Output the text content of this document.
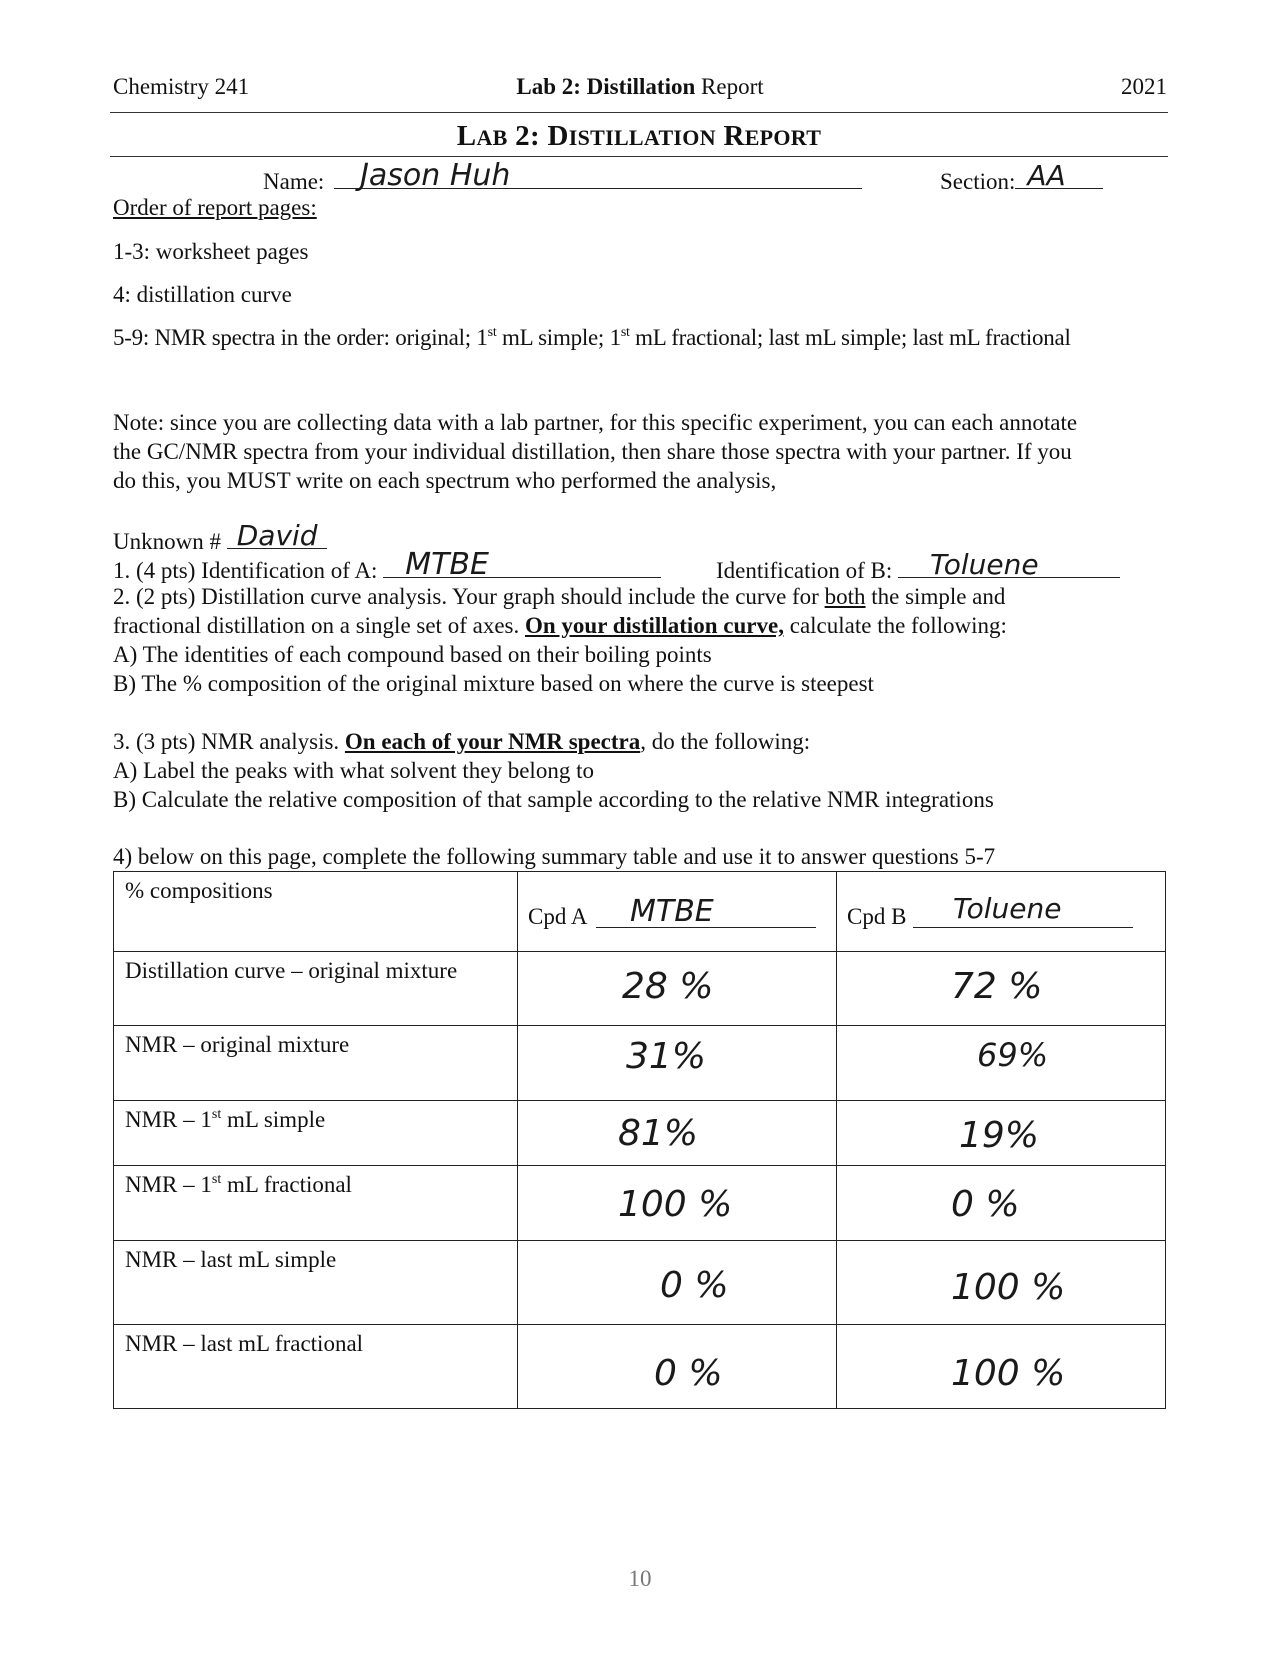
Chemistry 241	Lab 2: Distillation Report	2021
LAB 2: DISTILLATION REPORT
Name: Jason Huh	Section: AA
Order of report pages:
1-3: worksheet pages
4: distillation curve
5-9: NMR spectra in the order: original; 1st mL simple; 1st mL fractional; last mL simple; last mL fractional
Note: since you are collecting data with a lab partner, for this specific experiment, you can each annotate
the GC/NMR spectra from your individual distillation, then share those spectra with your partner. If you
do this, you MUST write on each spectrum who performed the analysis,
Unknown # David
1. (4 pts) Identification of A: MTBE	Identification of B: Toluene
2. (2 pts) Distillation curve analysis. Your graph should include the curve for both the simple and
fractional distillation on a single set of axes. On your distillation curve, calculate the following:
A) The identities of each compound based on their boiling points
B) The % composition of the original mixture based on where the curve is steepest
3. (3 pts) NMR analysis. On each of your NMR spectra, do the following:
A) Label the peaks with what solvent they belong to
B) Calculate the relative composition of that sample according to the relative NMR integrations
4) below on this page, complete the following summary table and use it to answer questions 5-7
% compositions	Cpd A MTBE	Cpd B Toluene

Distillation curve – original mixture	28 %	72 %

NMR – original mixture	31%	69%

NMR – 1st mL simple	81%	19%

NMR – 1st mL fractional	100 %	0 %

NMR – last mL simple	0 %	100 %

NMR – last mL fractional	0 %	100 %
10
